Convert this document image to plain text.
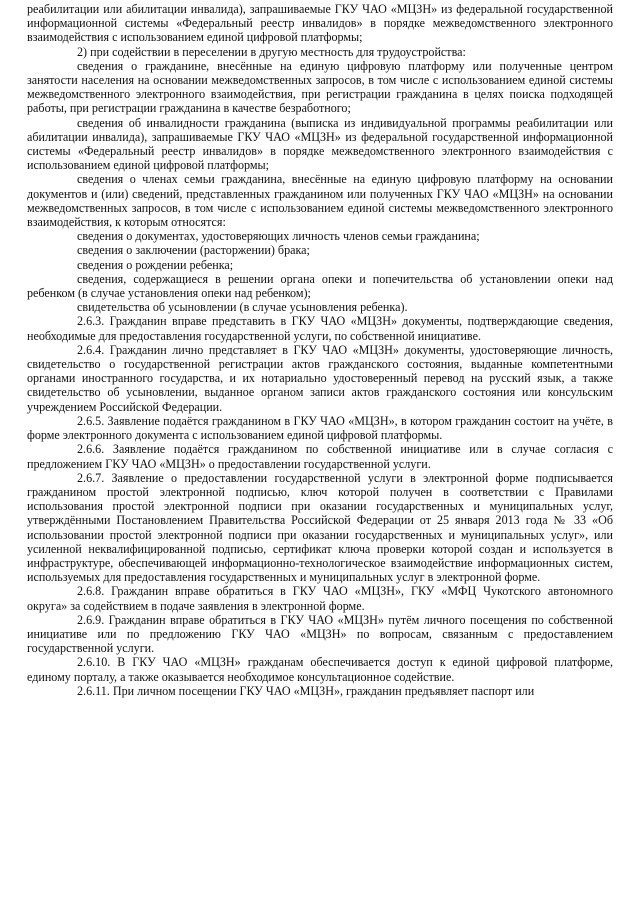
реабилитации или абилитации инвалида), запрашиваемые ГКУ ЧАО «МЦЗН» из федеральной государственной информационной системы «Федеральный реестр инвалидов» в порядке межведомственного электронного взаимодействия с использованием единой цифровой платформы;

2) при содействии в переселении в другую местность для трудоустройства:

сведения о гражданине, внесённые на единую цифровую платформу или полученные центром занятости населения на основании межведомственных запросов, в том числе с использованием единой системы межведомственного электронного взаимодействия, при регистрации гражданина в целях поиска подходящей работы, при регистрации гражданина в качестве безработного;

сведения об инвалидности гражданина (выписка из индивидуальной программы реабилитации или абилитации инвалида), запрашиваемые ГКУ ЧАО «МЦЗН» из федеральной государственной информационной системы «Федеральный реестр инвалидов» в порядке межведомственного электронного взаимодействия с использованием единой цифровой платформы;

сведения о членах семьи гражданина, внесённые на единую цифровую платформу на основании документов и (или) сведений, представленных гражданином или полученных ГКУ ЧАО «МЦЗН» на основании межведомственных запросов, в том числе с использованием единой системы межведомственного электронного взаимодействия, к которым относятся:

сведения о документах, удостоверяющих личность членов семьи гражданина;

сведения о заключении (расторжении) брака;

сведения о рождении ребенка;

сведения, содержащиеся в решении органа опеки и попечительства об установлении опеки над ребенком (в случае установления опеки над ребенком);

свидетельства об усыновлении (в случае усыновления ребенка).

2.6.3. Гражданин вправе представить в ГКУ ЧАО «МЦЗН» документы, подтверждающие сведения, необходимые для предоставления государственной услуги, по собственной инициативе.

2.6.4. Гражданин лично представляет в ГКУ ЧАО «МЦЗН» документы, удостоверяющие личность, свидетельство о государственной регистрации актов гражданского состояния, выданные компетентными органами иностранного государства, и их нотариально удостоверенный перевод на русский язык, а также свидетельство об усыновлении, выданное органом записи актов гражданского состояния или консульским учреждением Российской Федерации.

2.6.5. Заявление подаётся гражданином в ГКУ ЧАО «МЦЗН», в котором гражданин состоит на учёте, в форме электронного документа с использованием единой цифровой платформы.

2.6.6. Заявление подаётся гражданином по собственной инициативе или в случае согласия с предложением ГКУ ЧАО «МЦЗН» о предоставлении государственной услуги.

2.6.7. Заявление о предоставлении государственной услуги в электронной форме подписывается гражданином простой электронной подписью, ключ которой получен в соответствии с Правилами использования простой электронной подписи при оказании государственных и муниципальных услуг, утверждёнными Постановлением Правительства Российской Федерации от 25 января 2013 года № 33 «Об использовании простой электронной подписи при оказании государственных и муниципальных услуг», или усиленной неквалифицированной подписью, сертификат ключа проверки которой создан и используется в инфраструктуре, обеспечивающей информационно-технологическое взаимодействие информационных систем, используемых для предоставления государственных и муниципальных услуг в электронной форме.

2.6.8. Гражданин вправе обратиться в ГКУ ЧАО «МЦЗН», ГКУ «МФЦ Чукотского автономного округа» за содействием в подаче заявления в электронной форме.

2.6.9. Гражданин вправе обратиться в ГКУ ЧАО «МЦЗН» путём личного посещения по собственной инициативе или по предложению ГКУ ЧАО «МЦЗН» по вопросам, связанным с предоставлением государственной услуги.

2.6.10. В ГКУ ЧАО «МЦЗН» гражданам обеспечивается доступ к единой цифровой платформе, единому порталу, а также оказывается необходимое консультационное содействие.

2.6.11. При личном посещении ГКУ ЧАО «МЦЗН», гражданин предъявляет паспорт или
